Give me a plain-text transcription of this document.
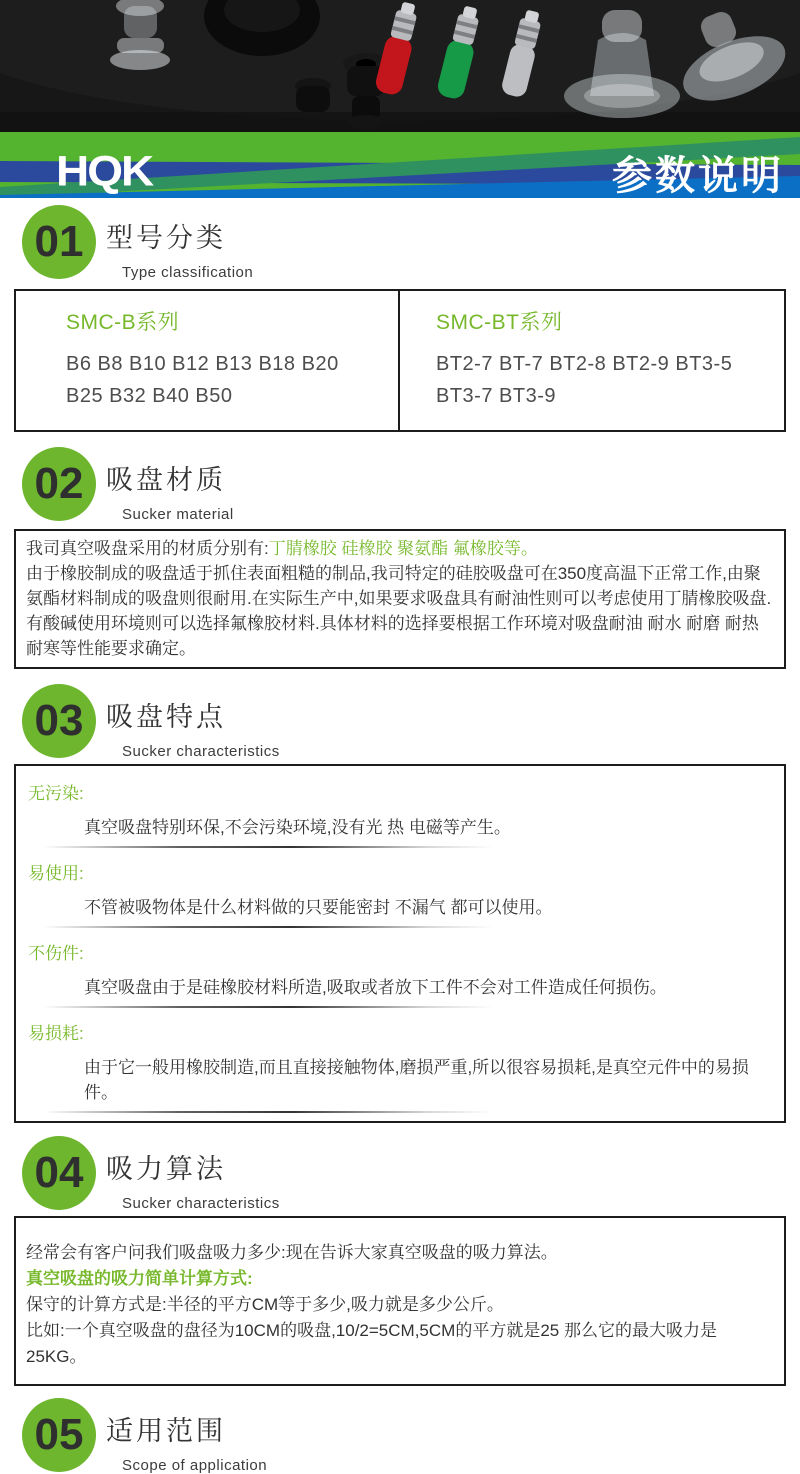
HQK	参数说明
01 型号分类
Type classification
SMC-B系列
B6 B8 B10 B12 B13 B18 B20
B25 B32 B40 B50
SMC-BT系列
BT2-7 BT-7 BT2-8 BT2-9 BT3-5
BT3-7 BT3-9
02 吸盘材质
Sucker material
我司真空吸盘采用的材质分别有:丁腈橡胶 硅橡胶 聚氨酯 氟橡胶等。
由于橡胶制成的吸盘适于抓住表面粗糙的制品,我司特定的硅胶吸盘可在350度高温下正常工作,由聚氨酯材料制成的吸盘则很耐用.在实际生产中,如果要求吸盘具有耐油性则可以考虑使用丁腈橡胶吸盘.有酸碱使用环境则可以选择氟橡胶材料.具体材料的选择要根据工作环境对吸盘耐油 耐水 耐磨 耐热 耐寒等性能要求确定。
03 吸盘特点
Sucker characteristics
无污染:
真空吸盘特别环保,不会污染环境,没有光 热 电磁等产生。
易使用:
不管被吸物体是什么材料做的只要能密封 不漏气 都可以使用。
不伤件:
真空吸盘由于是硅橡胶材料所造,吸取或者放下工件不会对工件造成任何损伤。
易损耗:
由于它一般用橡胶制造,而且直接接触物体,磨损严重,所以很容易损耗,是真空元件中的易损件。
04 吸力算法
Sucker characteristics
经常会有客户问我们吸盘吸力多少:现在告诉大家真空吸盘的吸力算法。
真空吸盘的吸力简单计算方式:
保守的计算方式是:半径的平方CM等于多少,吸力就是多少公斤。
比如:一个真空吸盘的盘径为10CM的吸盘,10/2=5CM,5CM的平方就是25 那么它的最大吸力是25KG。
05 适用范围
Scope of application
